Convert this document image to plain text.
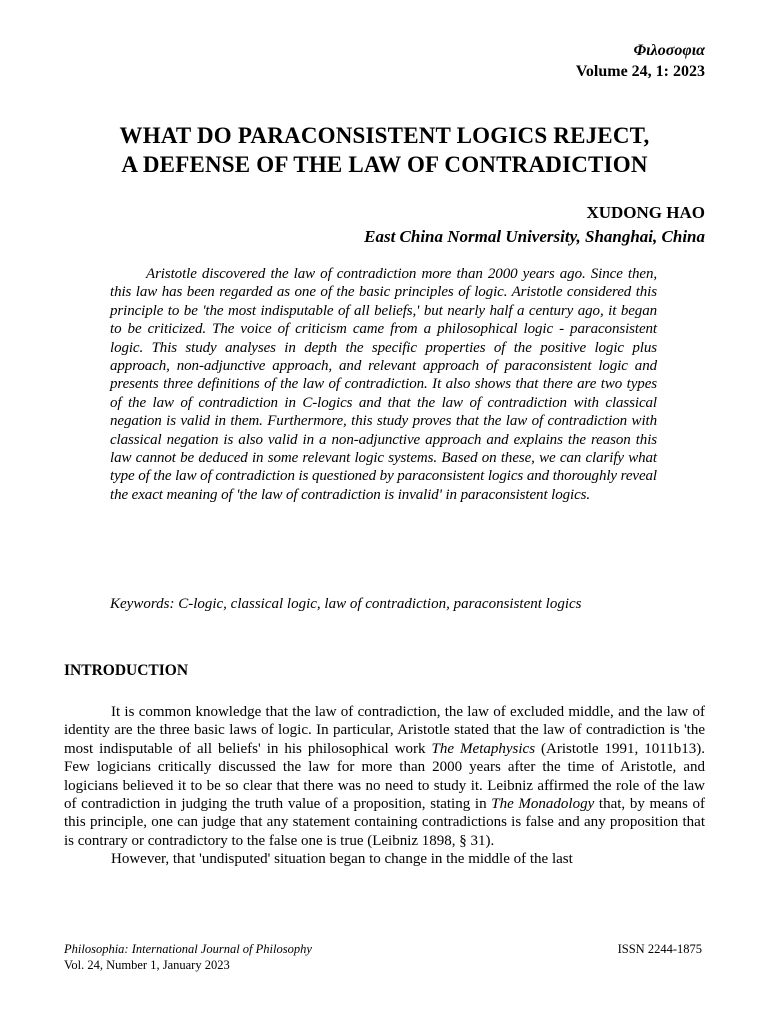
Φιλοσοφια

Volume 24, 1: 2023

WHAT DO PARACONSISTENT LOGICS REJECT,
A DEFENSE OF THE LAW OF CONTRADICTION

XUDONG HAO

East China Normal University, Shanghai, China

Aristotle discovered the law of contradiction more than 2000 years ago. Since then, this law has been regarded as one of the basic principles of logic. Aristotle considered this principle to be 'the most indisputable of all beliefs,' but nearly half a century ago, it began to be criticized. The voice of criticism came from a philosophical logic - paraconsistent logic. This study analyses in depth the specific properties of the positive logic plus approach, non-adjunctive approach, and relevant approach of paraconsistent logic and presents three definitions of the law of contradiction. It also shows that there are two types of the law of contradiction in C-logics and that the law of contradiction with classical negation is valid in them. Furthermore, this study proves that the law of contradiction with classical negation is also valid in a non-adjunctive approach and explains the reason this law cannot be deduced in some relevant logic systems. Based on these, we can clarify what type of the law of contradiction is questioned by paraconsistent logics and thoroughly reveal the exact meaning of 'the law of contradiction is invalid' in paraconsistent logics.

Keywords: C-logic, classical logic, law of contradiction, paraconsistent logics

INTRODUCTION

It is common knowledge that the law of contradiction, the law of excluded middle, and the law of identity are the three basic laws of logic. In particular, Aristotle stated that the law of contradiction is 'the most indisputable of all beliefs' in his philosophical work The Metaphysics (Aristotle 1991, 1011b13). Few logicians critically discussed the law for more than 2000 years after the time of Aristotle, and logicians believed it to be so clear that there was no need to study it. Leibniz affirmed the role of the law of contradiction in judging the truth value of a proposition, stating in The Monadology that, by means of this principle, one can judge that any statement containing contradictions is false and any proposition that is contrary or contradictory to the false one is true (Leibniz 1898, § 31).

However, that 'undisputed' situation began to change in the middle of the last

Philosophia: International Journal of Philosophy
Vol. 24, Number 1, January 2023
ISSN 2244-1875
